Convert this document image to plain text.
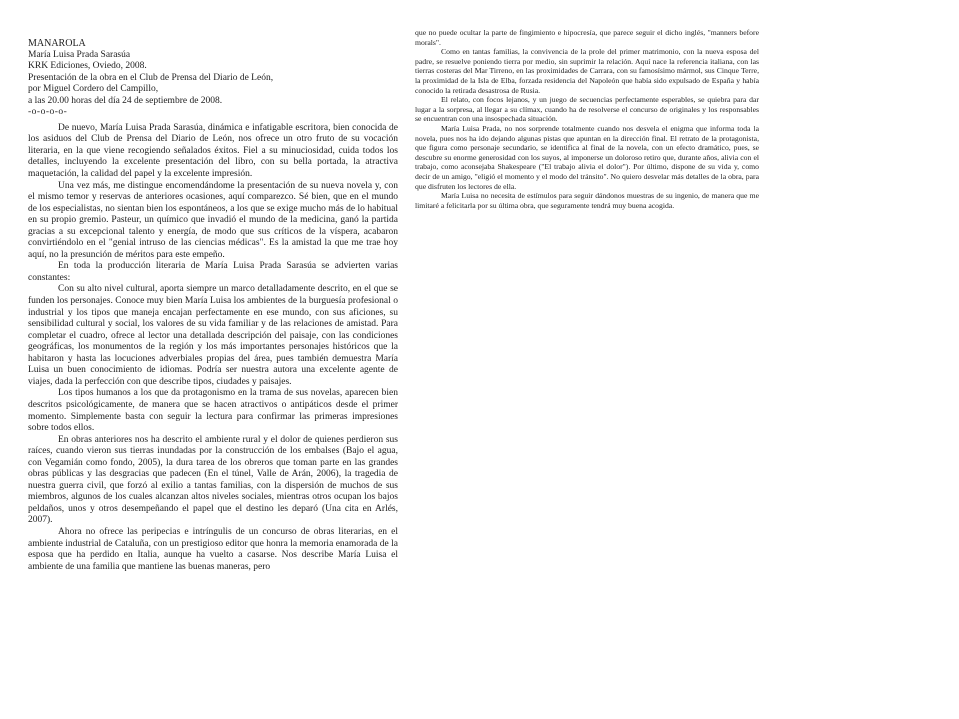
MANAROLA

María Luisa Prada Sarasúa

KRK Ediciones, Oviedo, 2008.

Presentación de la obra en el Club de Prensa del Diario de León,

por Miguel Cordero del Campillo,

a las 20.00 horas del día 24 de septiembre de 2008.

-o-o-o-o-

De nuevo, María Luisa Prada Sarasúa, dinámica e infatigable escritora, bien conocida de los asiduos del Club de Prensa del Diario de León, nos ofrece un otro fruto de su vocación literaria, en la que viene recogiendo señalados éxitos. Fiel a su minuciosidad, cuida todos los detalles, incluyendo la excelente presentación del libro, con su bella portada, la atractiva maquetación, la calidad del papel y la excelente impresión.

Una vez más, me distingue encomendándome la presentación de su nueva novela y, con el mismo temor y reservas de anteriores ocasiones, aquí comparezco. Sé bien, que en el mundo de los especialistas, no sientan bien los espontáneos, a los que se exige mucho más de lo habitual en su propio gremio. Pasteur, un químico que invadió el mundo de la medicina, ganó la partida gracias a su excepcional talento y energía, de modo que sus críticos de la víspera, acabaron convirtiéndolo en el "genial intruso de las ciencias médicas". Es la amistad la que me trae hoy aquí, no la presunción de méritos para este empeño.

En toda la producción literaria de María Luisa Prada Sarasúa se advierten varias constantes:

Con su alto nivel cultural, aporta siempre un marco detalladamente descrito, en el que se funden los personajes. Conoce muy bien María Luisa los ambientes de la burguesía profesional o industrial y los tipos que maneja encajan perfectamente en ese mundo, con sus aficiones, su sensibilidad cultural y social, los valores de su vida familiar y de las relaciones de amistad. Para completar el cuadro, ofrece al lector una detallada descripción del paisaje, con las condiciones geográficas, los monumentos de la región y los más importantes personajes históricos que la habitaron y hasta las locuciones adverbiales propias del área, pues también demuestra María Luisa un buen conocimiento de idiomas. Podría ser nuestra autora una excelente agente de viajes, dada la perfección con que describe tipos, ciudades y paisajes.

Los tipos humanos a los que da protagonismo en la trama de sus novelas, aparecen bien descritos psicológicamente, de manera que se hacen atractivos o antipáticos desde el primer momento. Simplemente basta con seguir la lectura para confirmar las primeras impresiones sobre todos ellos.

En obras anteriores nos ha descrito el ambiente rural y el dolor de quienes perdieron sus raíces, cuando vieron sus tierras inundadas por la construcción de los embalses (Bajo el agua, con Vegamián como fondo, 2005), la dura tarea de los obreros que toman parte en las grandes obras públicas y las desgracias que padecen (En el túnel, Valle de Arán, 2006), la tragedia de nuestra guerra civil, que forzó al exilio a tantas familias, con la dispersión de muchos de sus miembros, algunos de los cuales alcanzan altos niveles sociales, mientras otros ocupan los bajos peldaños, unos y otros desempeñando el papel que el destino les deparó (Una cita en Arlés, 2007).

Ahora no ofrece las peripecias e intríngulis de un concurso de obras literarias, en el ambiente industrial de Cataluña, con un prestigioso editor que honra la memoria enamorada de la esposa que ha perdido en Italia, aunque ha vuelto a casarse. Nos describe María Luisa el ambiente de una familia que mantiene las buenas maneras, pero

que no puede ocultar la parte de fingimiento e hipocresía, que parece seguir el dicho inglés, "manners before morals".

Como en tantas familias, la convivencia de la prole del primer matrimonio, con la nueva esposa del padre, se resuelve poniendo tierra por medio, sin suprimir la relación. Aquí nace la referencia italiana, con las tierras costeras del Mar Tirreno, en las proximidades de Carrara, con su famosísimo mármol, sus Cinque Terre, la proximidad de la Isla de Elba, forzada residencia del Napoleón que había sido expulsado de España y había conocido la retirada desastrosa de Rusia.

El relato, con focos lejanos, y un juego de secuencias perfectamente esperables, se quiebra para dar lugar a la sorpresa, al llegar a su clímax, cuando ha de resolverse el concurso de originales y los responsables se encuentran con una insospechada situación.

María Luisa Prada, no nos sorprende totalmente cuando nos desvela el enigma que informa toda la novela, pues nos ha ido dejando algunas pistas que apuntan en la dirección final. El retrato de la protagonista, que figura como personaje secundario, se identifica al final de la novela, con un efecto dramático, pues, se descubre su enorme generosidad con los suyos, al imponerse un doloroso retiro que, durante años, alivia con el trabajo, como aconsejaba Shakespeare ("El trabajo alivia el dolor"). Por último, dispone de su vida y, como decir de un amigo, "eligió el momento y el modo del tránsito". No quiero desvelar más detalles de la obra, para que disfruten los lectores de ella.

María Luisa no necesita de estímulos para seguir dándonos muestras de su ingenio, de manera que me limitaré a felicitarla por su última obra, que seguramente tendrá muy buena acogida.
